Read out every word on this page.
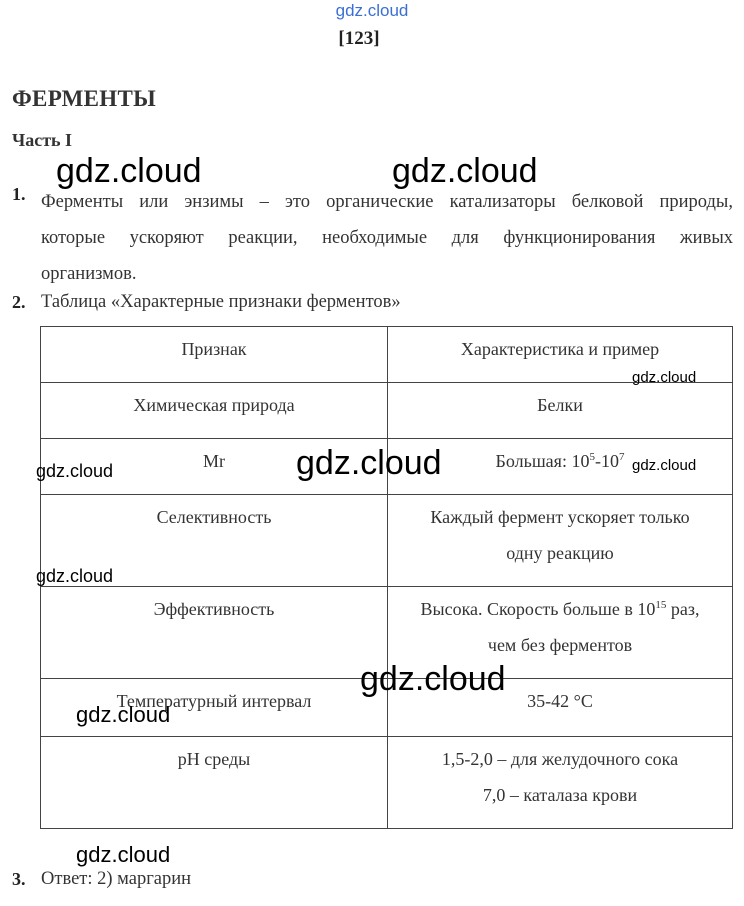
gdz.cloud
[123]
ФЕРМЕНТЫ
Часть I
1. Ферменты или энзимы – это органические катализаторы белковой природы,
которые ускоряют реакции, необходимые для функционирования живых
организмов.
2. Таблица «Характерные признаки ферментов»
Признак	Характеристика и пример
Химическая природа	Белки
Mr	Большая: $10^5-10^7$
Селективность	Каждый фермент ускоряет только
одну реакцию

Эффективность	Высока. Скорость больше в $10^{15}$ раз,
чем без ферментов

Температурный интервал	35-42 °С
pH среды	1,5-2,0 – для желудочного сока
7,0 – каталаза крови
3. Ответ: 2) маргарин
gdz.cloud	gdz.cloud
gdz.cloud
gdz.cloud	gdz.cloud
gdz.cloud
gdz.cloud
gdz.cloud
gdz.cloud
gdz.cloud
